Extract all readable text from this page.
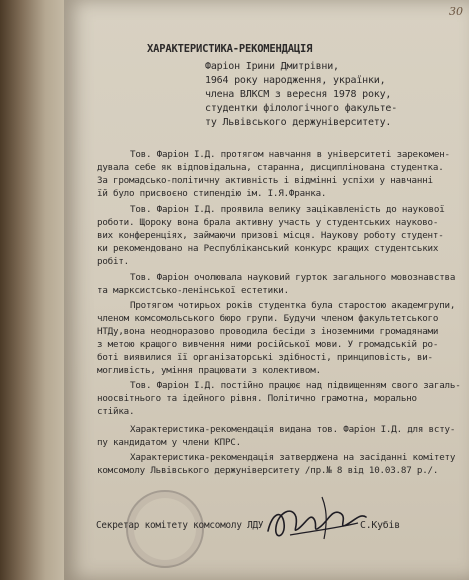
30
ХАРАКТЕРИСТИКА-РЕКОМЕНДАЦІЯ
Фаріон Ірини Дмитрівни,
1964 року народження, українки,
члена ВЛКСМ з вересня 1978 року,
студентки філологічного факульте-
ту Львівського держуніверситету.
Тов. Фаріон І.Д. протягом навчання в університеті зарекомен-
дувала себе як відповідальна, старанна, дисциплінована студентка.
За громадсько-політичну активність і відмінні успіхи у навчанні
їй було присвоєно стипендію ім. І.Я.Франка.
Тов. Фаріон І.Д. проявила велику зацікавленість до наукової
роботи. Щороку вона брала активну участь у студентських науково-
вих конференціях, займаючи призові місця. Наукову роботу студент-
ки рекомендовано на Республіканський конкурс кращих студентських
робіт.
Тов. Фаріон очолювала науковий гурток загального мовознавства
та марксистсько-ленінської естетики.
Протягом чотирьох років студентка була старостою академгрупи,
членом комсомольського бюро групи. Будучи членом факультетського
НТДу,вона неодноразово проводила бесіди з іноземними громадянами
з метою кращого вивчення ними російської мови. У громадській ро-
боті виявилися її організаторські здібності, принциповість, ви-
могливість, уміння працювати з колективом.
Тов. Фаріон І.Д. постійно працює над підвищенням свого загаль-
ноосвітнього та ідейного рівня. Політично грамотна, морально
стійка.
Характеристика-рекомендація видана тов. Фаріон І.Д. для всту-
пу кандидатом у члени КПРС.
Характеристика-рекомендація затверджена на засіданні комітету
комсомолу Львівського держуніверситету /пр.№ 8 від 10.03.87 р./.
Секретар комітету комсомолу ЛДУ	С.Кубів
